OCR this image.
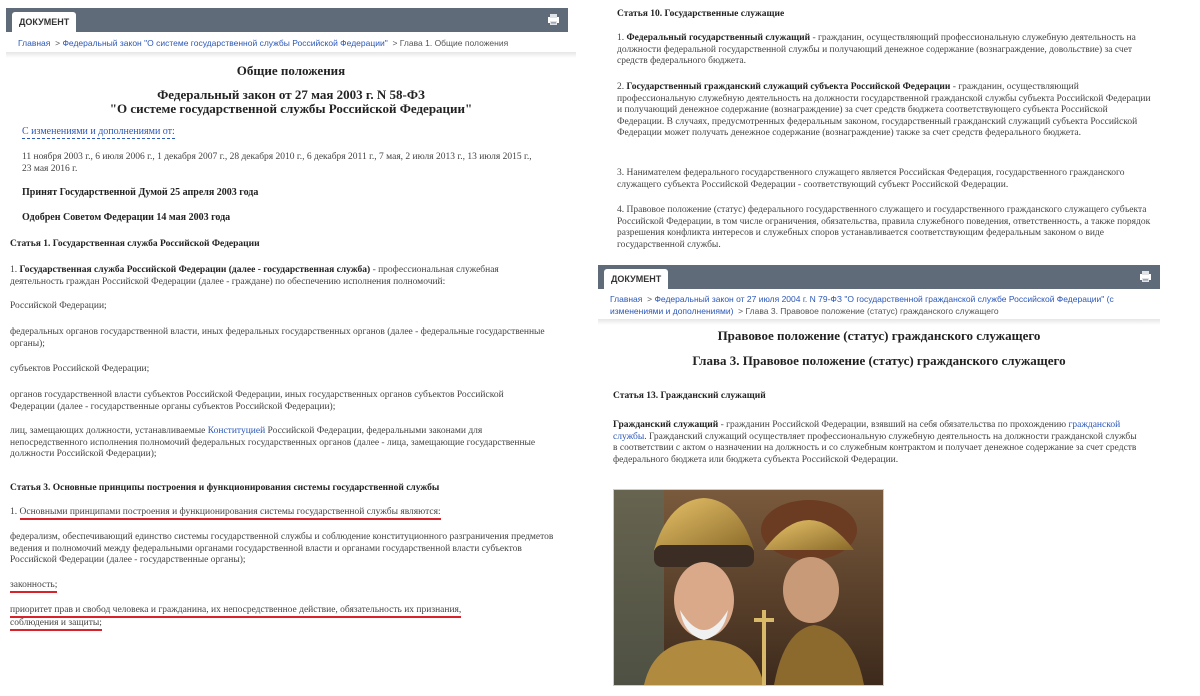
ДОКУМЕНТ
Главная > Федеральный закон "О системе государственной службы Российской Федерации" > Глава 1. Общие положения
Общие положения
Федеральный закон от 27 мая 2003 г. N 58-ФЗ
"О системе государственной службы Российской Федерации"
С изменениями и дополнениями от:
11 ноября 2003 г., 6 июля 2006 г., 1 декабря 2007 г., 28 декабря 2010 г., 6 декабря 2011 г., 7 мая, 2 июля 2013 г., 13 июля 2015 г., 23 мая 2016 г.
Принят Государственной Думой 25 апреля 2003 года
Одобрен Советом Федерации 14 мая 2003 года
Статья 1. Государственная служба Российской Федерации
1. Государственная служба Российской Федерации (далее - государственная служба) - профессиональная служебная деятельность граждан Российской Федерации (далее - граждане) по обеспечению исполнения полномочий:
Российской Федерации;
федеральных органов государственной власти, иных федеральных государственных органов (далее - федеральные государственные органы);
субъектов Российской Федерации;
органов государственной власти субъектов Российской Федерации, иных государственных органов субъектов Российской Федерации (далее - государственные органы субъектов Российской Федерации);
лиц, замещающих должности, устанавливаемые Конституцией Российской Федерации, федеральными законами для непосредственного исполнения полномочий федеральных государственных органов (далее - лица, замещающие государственные должности Российской Федерации);
Статья 3. Основные принципы построения и функционирования системы государственной службы
1. Основными принципами построения и функционирования системы государственной службы являются:
федерализм, обеспечивающий единство системы государственной службы и соблюдение конституционного разграничения предметов ведения и полномочий между федеральными органами государственной власти и органами государственной власти субъектов Российской Федерации (далее - государственные органы);
законность;
приоритет прав и свобод человека и гражданина, их непосредственное действие, обязательность их признания,
соблюдения и защиты;
Статья 10. Государственные служащие
1. Федеральный государственный служащий - гражданин, осуществляющий профессиональную служебную деятельность на должности федеральной государственной службы и получающий денежное содержание (вознаграждение, довольствие) за счет средств федерального бюджета.
2. Государственный гражданский служащий субъекта Российской Федерации - гражданин, осуществляющий профессиональную служебную деятельность на должности государственной гражданской службы субъекта Российской Федерации и получающий денежное содержание (вознаграждение) за счет средств бюджета соответствующего субъекта Российской Федерации. В случаях, предусмотренных федеральным законом, государственный гражданский служащий субъекта Российской Федерации может получать денежное содержание (вознаграждение) также за счет средств федерального бюджета.
3. Нанимателем федерального государственного служащего является Российская Федерация, государственного гражданского служащего субъекта Российской Федерации - соответствующий субъект Российской Федерации.
4. Правовое положение (статус) федерального государственного служащего и государственного гражданского служащего субъекта Российской Федерации, в том числе ограничения, обязательства, правила служебного поведения, ответственность, а также порядок разрешения конфликта интересов и служебных споров устанавливается соответствующим федеральным законом о виде государственной службы.
ДОКУМЕНТ
Главная > Федеральный закон от 27 июля 2004 г. N 79-ФЗ "О государственной гражданской службе Российской Федерации" (с изменениями и дополнениями) > Глава 3. Правовое положение (статус) гражданского служащего
Правовое положение (статус) гражданского служащего
Глава 3. Правовое положение (статус) гражданского служащего
Статья 13. Гражданский служащий
Гражданский служащий - гражданин Российской Федерации, взявший на себя обязательства по прохождению гражданской службы. Гражданский служащий осуществляет профессиональную служебную деятельность на должности гражданской службы в соответствии с актом о назначении на должность и со служебным контрактом и получает денежное содержание за счет средств федерального бюджета или бюджета субъекта Российской Федерации.
